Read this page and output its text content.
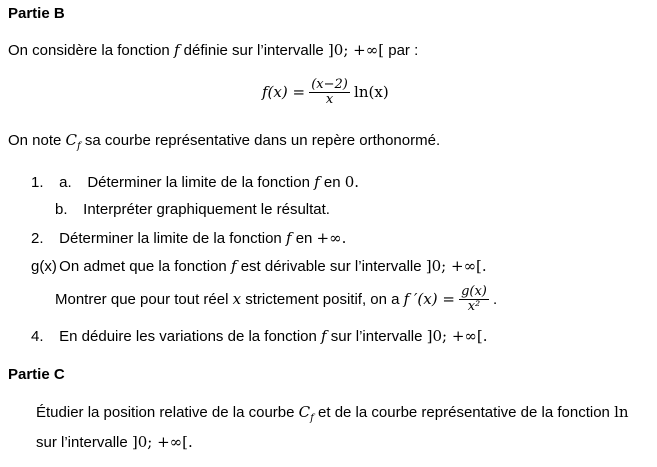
Partie B
On considère la fonction f définie sur l’intervalle ]0; +∞[ par :
$f(x) = \frac{(x-2)}{x} \ln(x)$
On note $C_f$ sa courbe représentative dans un repère orthonormé.
1. a. Déterminer la limite de la fonction f en 0.
b. Interpréter graphiquement le résultat.
2. Déterminer la limite de la fonction f en +∞.
g(x) On admet que la fonction f est dérivable sur l’intervalle ]0; +∞[.
Montrer que pour tout réel x strictement positif, on a f $'(x) = \frac{g(x)}{\text{x²}}$ .
4. En déduire les variations de la fonction f sur l’intervalle ]0; +∞[.
Partie C
Étudier la position relative de la courbe $C_f$ et de la courbe représentative de la fonction ln
sur l’intervalle ]0; +∞[.
